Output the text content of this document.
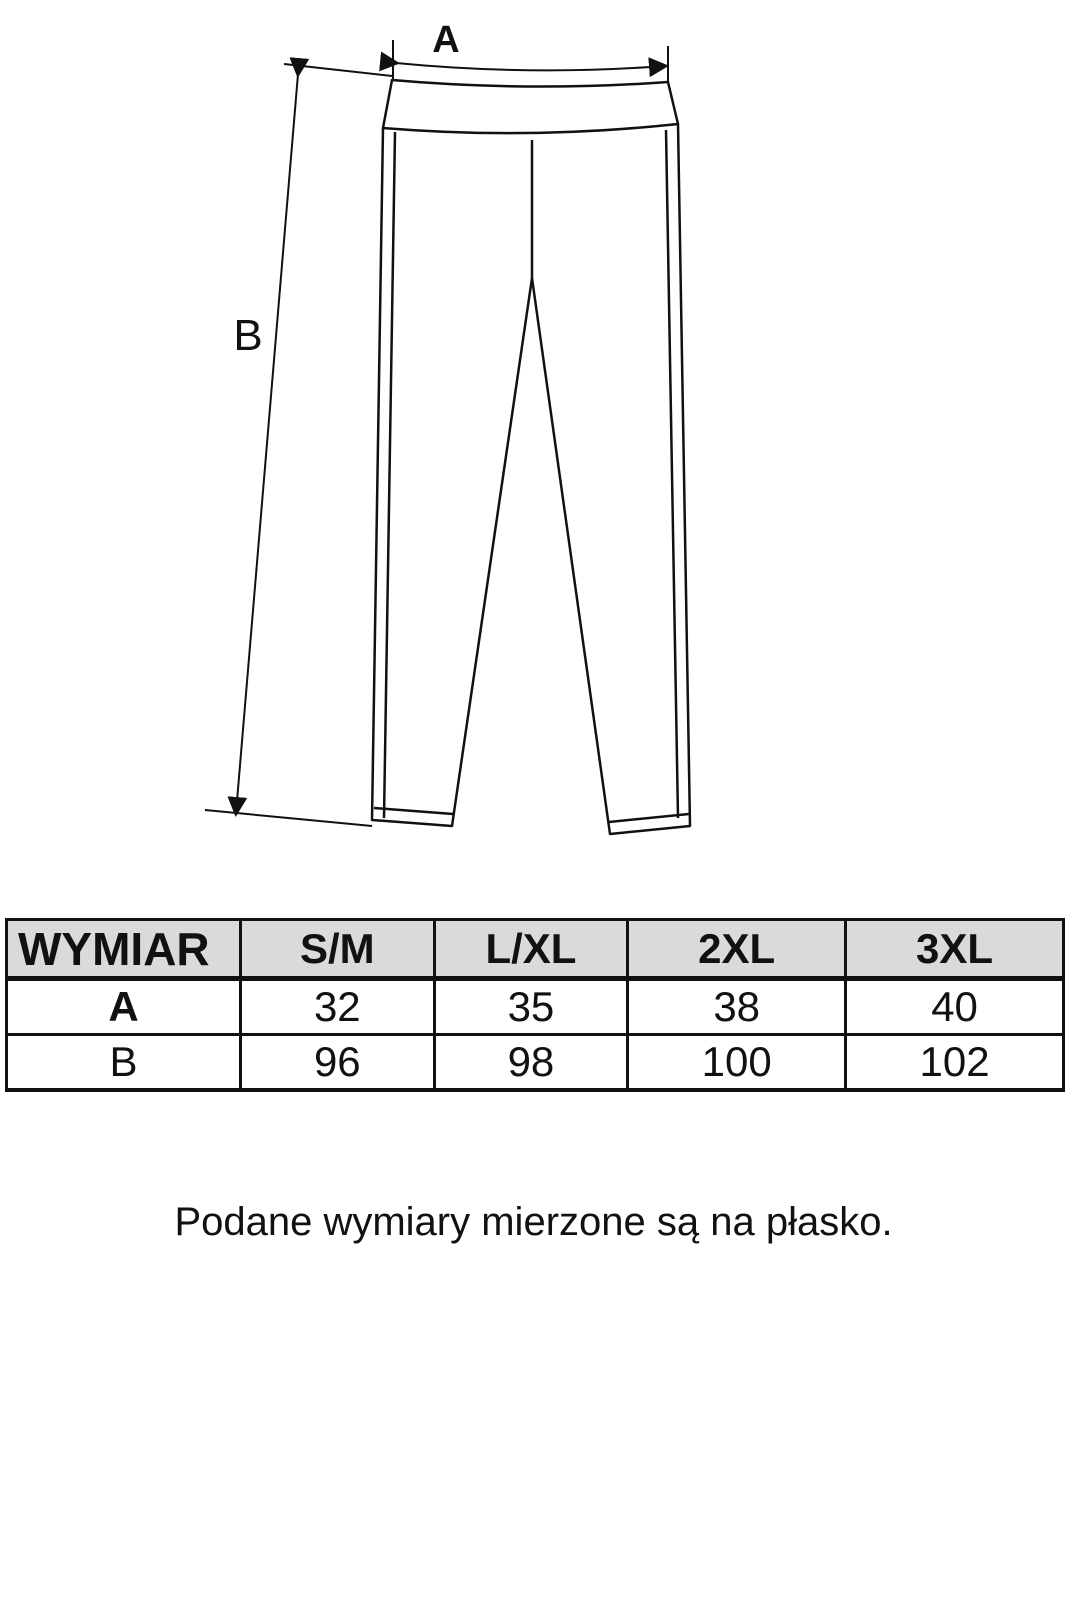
A
B
WYMIAR	S/M	L/XL	2XL	3XL
A	32	35	38	40
B	96	98	100	102
Podane wymiary mierzone są na płasko.
